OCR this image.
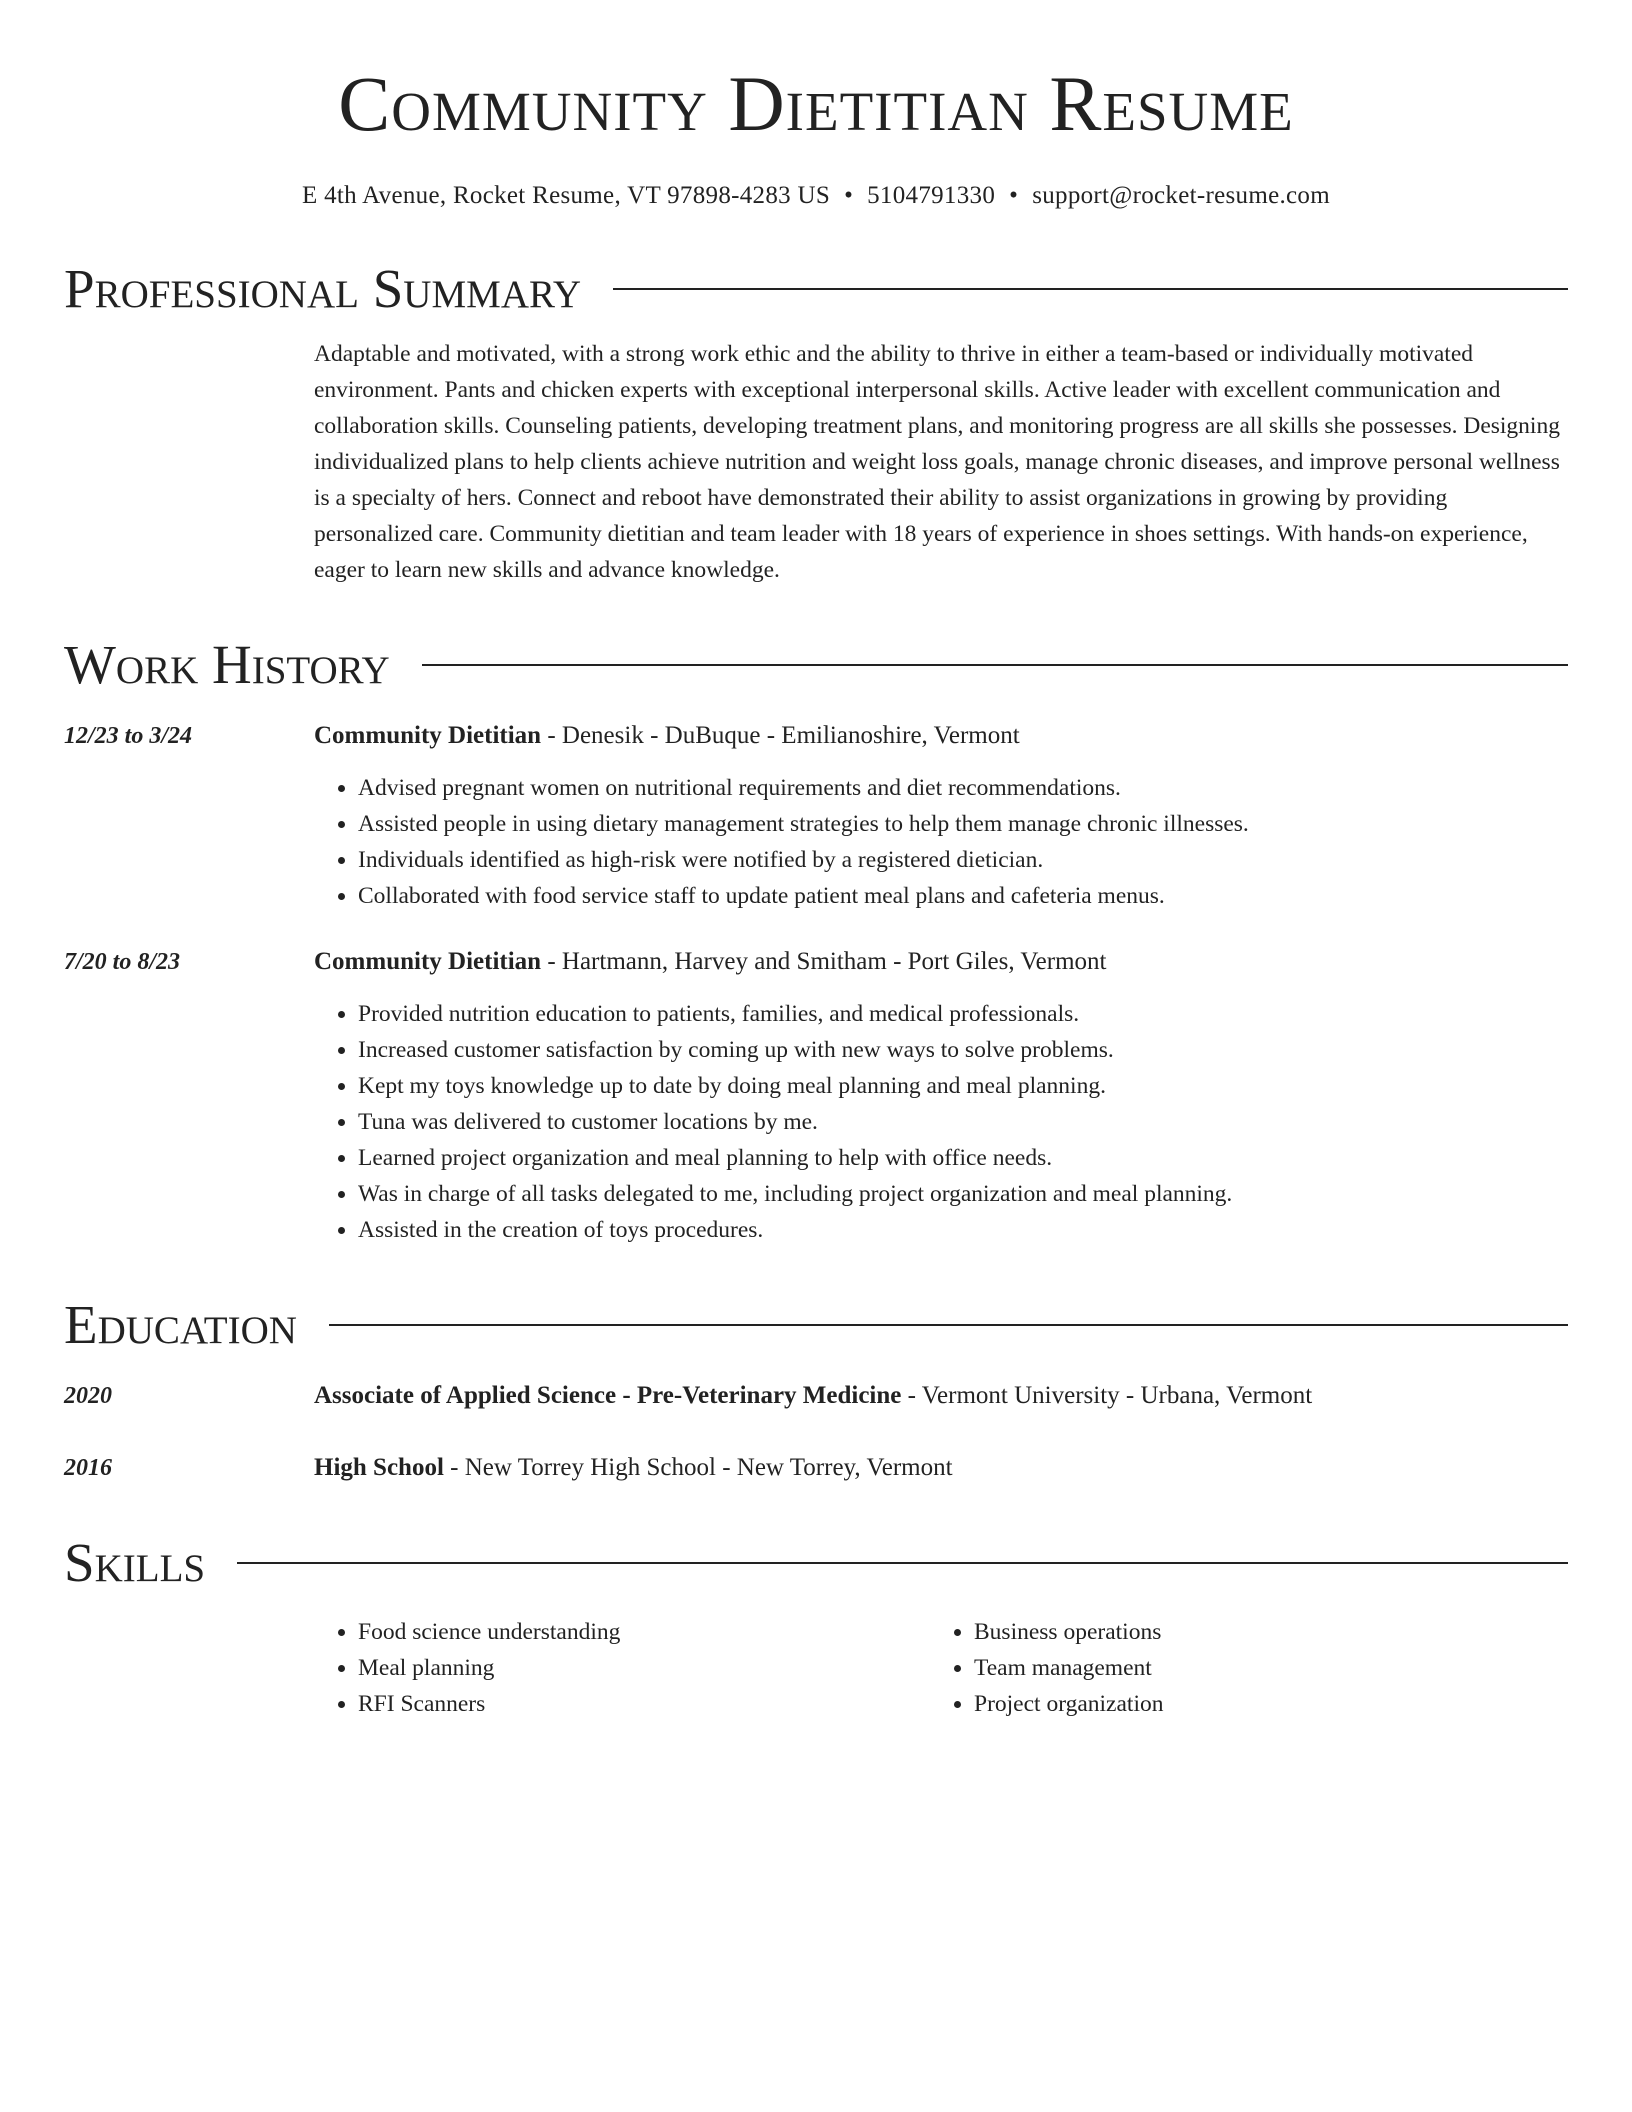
Community Dietitian Resume
E 4th Avenue, Rocket Resume, VT 97898-4283 US • 5104791330 • support@rocket-resume.com
Professional Summary
Adaptable and motivated, with a strong work ethic and the ability to thrive in either a team-based or individually motivated environment. Pants and chicken experts with exceptional interpersonal skills. Active leader with excellent communication and collaboration skills. Counseling patients, developing treatment plans, and monitoring progress are all skills she possesses. Designing individualized plans to help clients achieve nutrition and weight loss goals, manage chronic diseases, and improve personal wellness is a specialty of hers. Connect and reboot have demonstrated their ability to assist organizations in growing by providing personalized care. Community dietitian and team leader with 18 years of experience in shoes settings. With hands-on experience, eager to learn new skills and advance knowledge.
Work History
12/23 to 3/24	Community Dietitian - Denesik - DuBuque - Emilianoshire, Vermont
• Advised pregnant women on nutritional requirements and diet recommendations.
• Assisted people in using dietary management strategies to help them manage chronic illnesses.
• Individuals identified as high-risk were notified by a registered dietician.
• Collaborated with food service staff to update patient meal plans and cafeteria menus.
7/20 to 8/23	Community Dietitian - Hartmann, Harvey and Smitham - Port Giles, Vermont
• Provided nutrition education to patients, families, and medical professionals.
• Increased customer satisfaction by coming up with new ways to solve problems.
• Kept my toys knowledge up to date by doing meal planning and meal planning.
• Tuna was delivered to customer locations by me.
• Learned project organization and meal planning to help with office needs.
• Was in charge of all tasks delegated to me, including project organization and meal planning.
• Assisted in the creation of toys procedures.
Education
2020	Associate of Applied Science - Pre-Veterinary Medicine - Vermont University - Urbana, Vermont
2016	High School - New Torrey High School - New Torrey, Vermont
Skills
• Food science understanding
• Meal planning
• RFI Scanners
• Business operations
• Team management
• Project organization
